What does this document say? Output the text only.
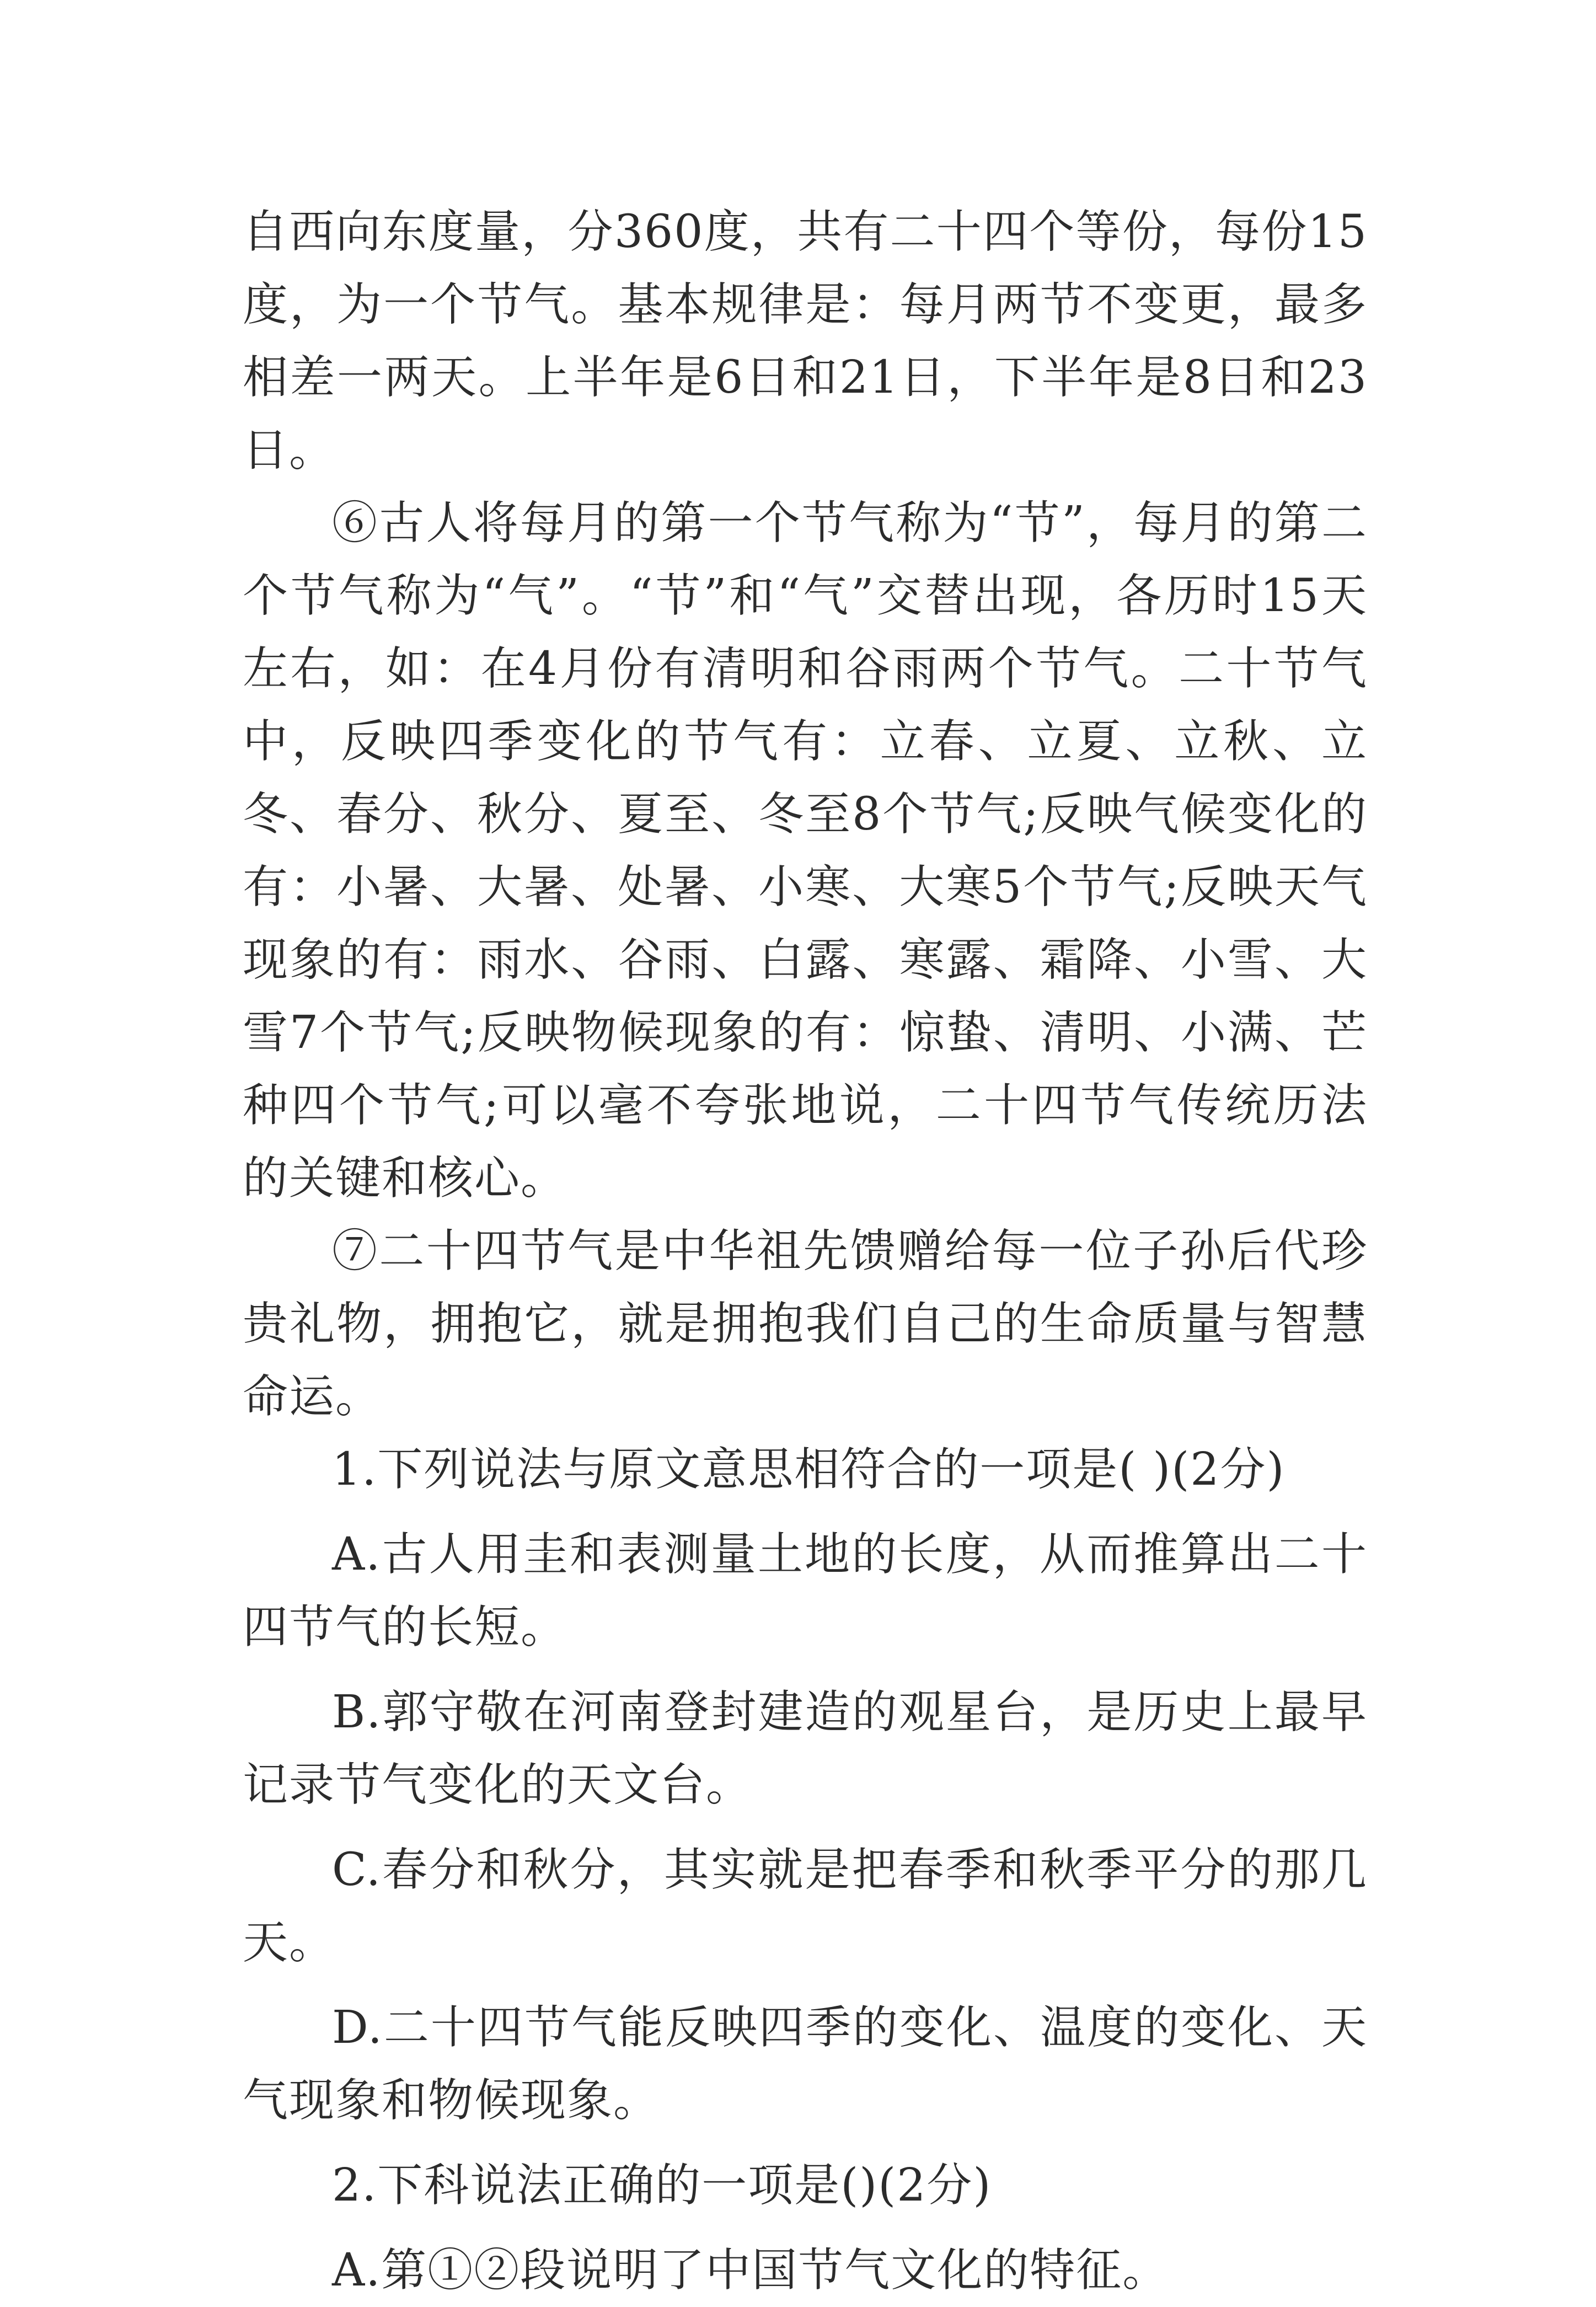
自西向东度量，分360度，共有二十四个等份，每份15度，为一个节气。基本规律是：每月两节不变更，最多相差一两天。上半年是6日和21日，下半年是8日和23日。

⑥古人将每月的第一个节气称为“节”，每月的第二个节气称为“气”。“节”和“气”交替出现，各历时15天左右，如：在4月份有清明和谷雨两个节气。二十节气中，反映四季变化的节气有：立春、立夏、立秋、立冬、春分、秋分、夏至、冬至8个节气;反映气候变化的有：小暑、大暑、处暑、小寒、大寒5个节气;反映天气现象的有：雨水、谷雨、白露、寒露、霜降、小雪、大雪7个节气;反映物候现象的有：惊蛰、清明、小满、芒种四个节气;可以毫不夸张地说，二十四节气传统历法的关键和核心。

⑦二十四节气是中华祖先馈赠给每一位子孙后代珍贵礼物，拥抱它，就是拥抱我们自己的生命质量与智慧命运。

1.下列说法与原文意思相符合的一项是( )(2分)

A.古人用圭和表测量土地的长度，从而推算出二十四节气的长短。

B.郭守敬在河南登封建造的观星台，是历史上最早记录节气变化的天文台。

C.春分和秋分，其实就是把春季和秋季平分的那几天。

D.二十四节气能反映四季的变化、温度的变化、天气现象和物候现象。

2.下科说法正确的一项是()(2分)

A.第①②段说明了中国节气文化的特征。
